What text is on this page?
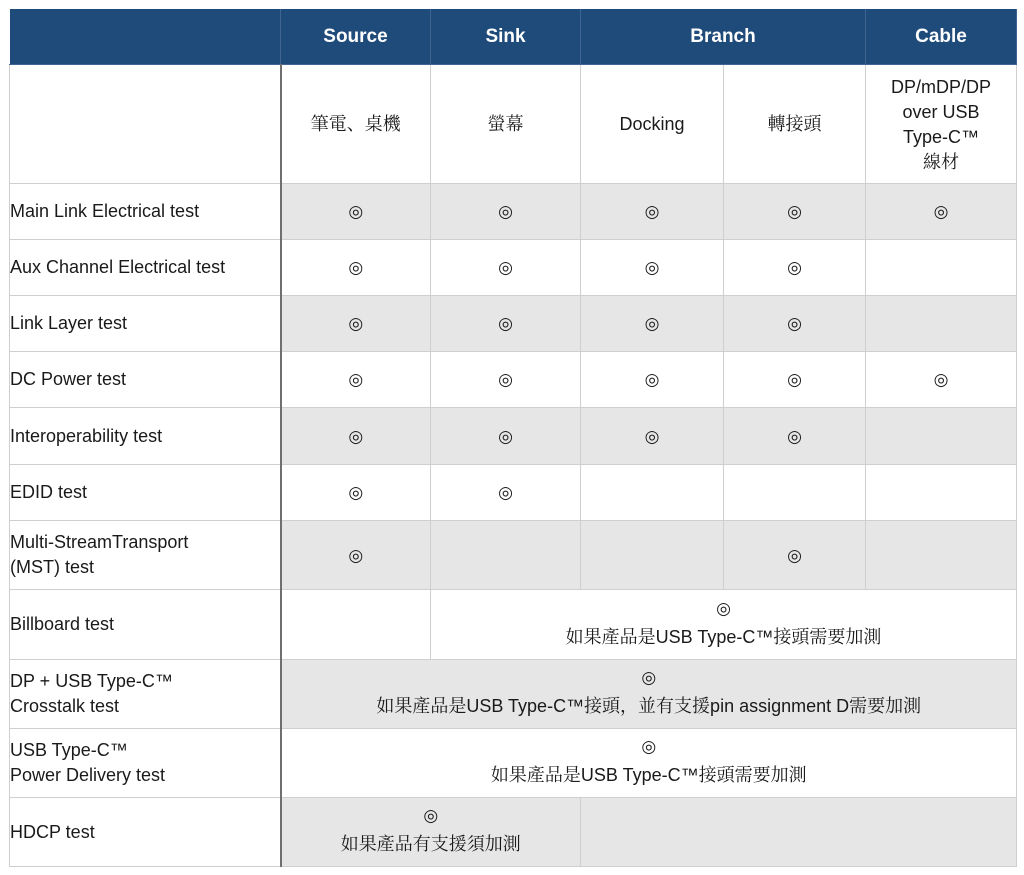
	Source	Sink	Branch		Cable
	筆電、桌機	螢幕	Docking	轉接頭	DP/mDP/DP
over USB
Type-C™
線材
Main Link Electrical test	◎	◎	◎	◎	◎
Aux Channel Electrical test	◎	◎	◎	◎	
Link Layer test	◎	◎	◎	◎	
DC Power test	◎	◎	◎	◎	◎
Interoperability test	◎	◎	◎	◎	
EDID test	◎	◎			
Multi-StreamTransport
(MST) test	◎			◎	
Billboard test		◎
如果產品是USB Type-C™接頭需要加測			

DP + USB Type-C™
Crosstalk test	◎
如果產品是USB Type-C™接頭，並有支援pin assignment D需要加測				

USB Type-C™
Power Delivery test	◎
如果產品是USB Type-C™接頭需要加測				

HDCP test	◎
如果產品有支援須加測				
